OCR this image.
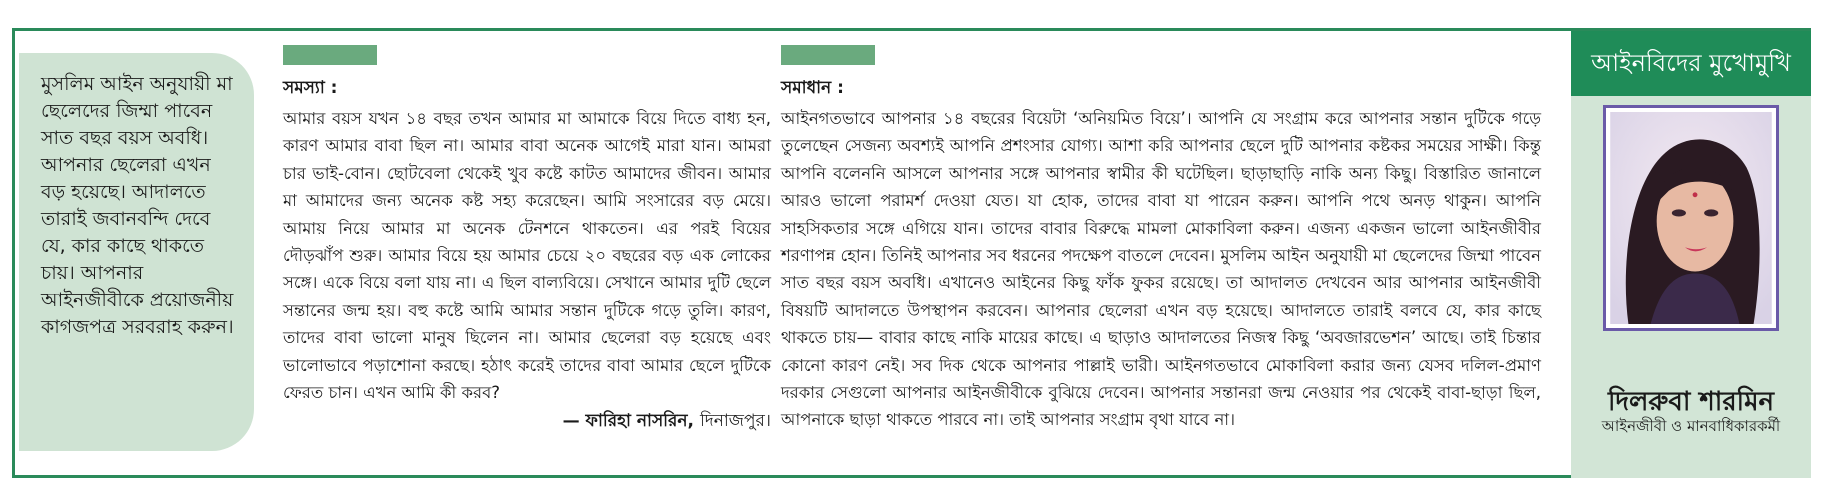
মুসলিম আইন অনুযায়ী মা ছেলেদের জিম্মা পাবেন সাত বছর বয়স অবধি। আপনার ছেলেরা এখন বড় হয়েছে। আদালতে তারাই জবানবন্দি দেবে যে, কার কাছে থাকতে চায়। আপনার আইনজীবীকে প্রয়োজনীয় কাগজপত্র সরবরাহ করুন।

সমস্যা :

আমার বয়স যখন ১৪ বছর তখন আমার মা আমাকে বিয়ে দিতে বাধ্য হন, কারণ আমার বাবা ছিল না। আমার বাবা অনেক আগেই মারা যান। আমরা চার ভাই-বোন। ছোটবেলা থেকেই খুব কষ্টে কাটত আমাদের জীবন। আমার মা আমাদের জন্য অনেক কষ্ট সহ্য করেছেন। আমি সংসারের বড় মেয়ে। আমায় নিয়ে আমার মা অনেক টেনশনে থাকতেন। এর পরই বিয়ের দৌড়ঝাঁপ শুরু। আমার বিয়ে হয় আমার চেয়ে ২০ বছরের বড় এক লোকের সঙ্গে। একে বিয়ে বলা যায় না। এ ছিল বাল্যবিয়ে। সেখানে আমার দুটি ছেলে সন্তানের জন্ম হয়। বহু কষ্টে আমি আমার সন্তান দুটিকে গড়ে তুলি। কারণ, তাদের বাবা ভালো মানুষ ছিলেন না। আমার ছেলেরা বড় হয়েছে এবং ভালোভাবে পড়াশোনা করছে। হঠাৎ করেই তাদের বাবা আমার ছেলে দুটিকে ফেরত চান। এখন আমি কী করব?

— ফারিহা নাসরিন, দিনাজপুর।
সমাধান :

আইনগতভাবে আপনার ১৪ বছরের বিয়েটা ‘অনিয়মিত বিয়ে’। আপনি যে সংগ্রাম করে আপনার সন্তান দুটিকে গড়ে তুলেছেন সেজন্য অবশ্যই আপনি প্রশংসার যোগ্য। আশা করি আপনার ছেলে দুটি আপনার কষ্টকর সময়ের সাক্ষী। কিন্তু আপনি বলেননি আসলে আপনার সঙ্গে আপনার স্বামীর কী ঘটেছিল। ছাড়াছাড়ি নাকি অন্য কিছু। বিস্তারিত জানালে আরও ভালো পরামর্শ দেওয়া যেত। যা হোক, তাদের বাবা যা পারেন করুন। আপনি পথে অনড় থাকুন। আপনি সাহসিকতার সঙ্গে এগিয়ে যান। তাদের বাবার বিরুদ্ধে মামলা মোকাবিলা করুন। এজন্য একজন ভালো আইনজীবীর শরণাপন্ন হোন। তিনিই আপনার সব ধরনের পদক্ষেপ বাতলে দেবেন। মুসলিম আইন অনুযায়ী মা ছেলেদের জিম্মা পাবেন সাত বছর বয়স অবধি। এখানেও আইনের কিছু ফাঁক ফুকর রয়েছে। তা আদালত দেখবেন আর আপনার আইনজীবী বিষয়টি আদালতে উপস্থাপন করবেন। আপনার ছেলেরা এখন বড় হয়েছে। আদালতে তারাই বলবে যে, কার কাছে থাকতে চায়— বাবার কাছে নাকি মায়ের কাছে। এ ছাড়াও আদালতের নিজস্ব কিছু ‘অবজারভেশন’ আছে। তাই চিন্তার কোনো কারণ নেই। সব দিক থেকে আপনার পাল্লাই ভারী। আইনগতভাবে মোকাবিলা করার জন্য যেসব দলিল-প্রমাণ দরকার সেগুলো আপনার আইনজীবীকে বুঝিয়ে দেবেন। আপনার সন্তানরা জন্ম নেওয়ার পর থেকেই বাবা-ছাড়া ছিল, আপনাকে ছাড়া থাকতে পারবে না। তাই আপনার সংগ্রাম বৃথা যাবে না।

আইনবিদের মুখোমুখি
দিলরুবা শারমিন
আইনজীবী ও মানবাধিকারকর্মী
